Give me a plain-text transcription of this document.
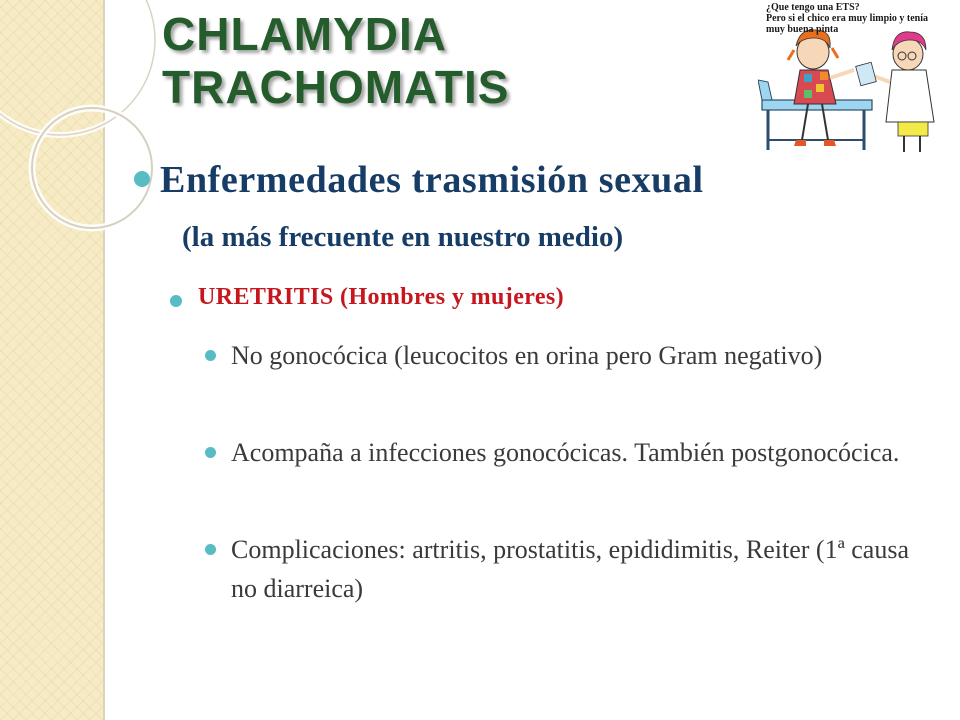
CHLAMYDIA
TRACHOMATIS
¿Que tengo una ETS?
Pero si el chico era muy limpio y tenía
muy buena pinta
Enfermedades trasmisión sexual
(la más frecuente en nuestro medio)
URETRITIS (Hombres y mujeres)
No gonocócica (leucocitos en orina pero Gram negativo)
Acompaña a infecciones gonocócicas. También postgonocócica.
Complicaciones: artritis, prostatitis, epididimitis, Reiter (1ª causa no diarreica)
